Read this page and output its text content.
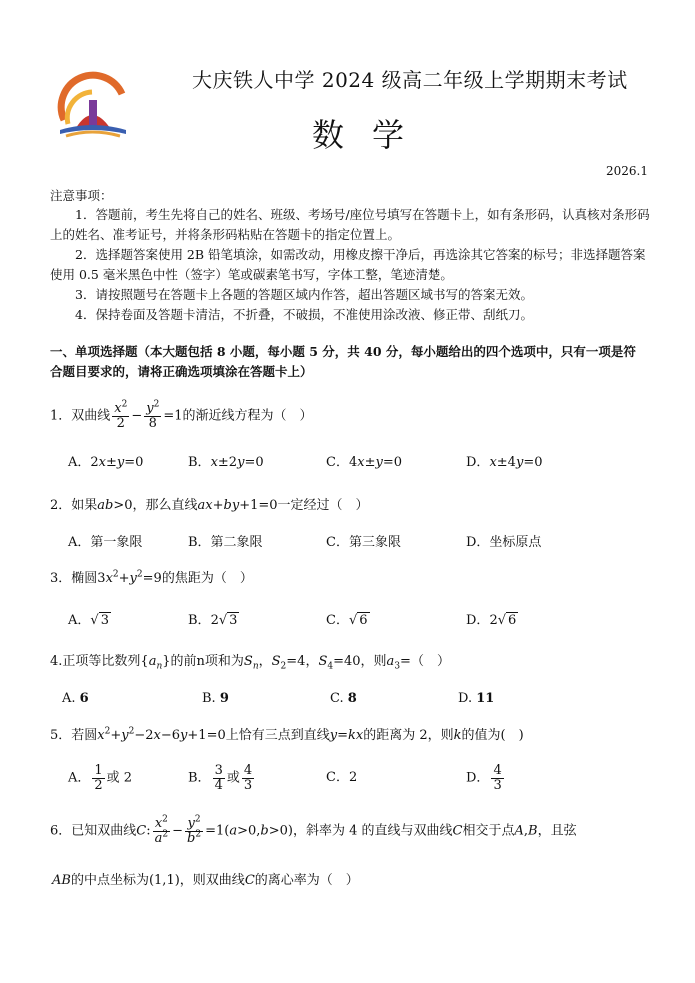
大庆铁人中学 2024 级高二年级上学期期末考试
数学
2026.1
注意事项：
1．答题前，考生先将自己的姓名、班级、考场号/座位号填写在答题卡上，如有条形码，认真核对条形码上的姓名、准考证号，并将条形码粘贴在答题卡的指定位置上。
2．选择题答案使用 2B 铅笔填涂，如需改动，用橡皮擦干净后，再选涂其它答案的标号；非选择题答案使用 0.5 毫米黑色中性（签字）笔或碳素笔书写，字体工整，笔迹清楚。
3．请按照题号在答题卡上各题的答题区域内作答，超出答题区域书写的答案无效。
4．保持卷面及答题卡清洁，不折叠，不破损，不准使用涂改液、修正带、刮纸刀。
一、单项选择题（本大题包括 8 小题，每小题 5 分，共 40 分，每小题给出的四个选项中，只有一项是符合题目要求的，请将正确选项填涂在答题卡上）
1．双曲线 $\frac{x^2}{2} - \frac{y^2}{8} =1$的渐近线方程为（　）
A．2x±y=0	B．x±2y=0	C．4x±y=0	D．x±4y=0
2．如果ab>0，那么直线ax+by+1=0一定经过（　）
A．第一象限	B．第二象限	C．第三象限	D．坐标原点
3．椭圆$3x^2+y^2=9$的焦距为（　）
A．√ 3	B．2√ 3	C．√ 6	D．2√ 6
4.正项等比数列$\{a_n\}$的前n项和为$S_n$，$S_2=4$，$S_4=40$，则$a_3=$（　）
A. 6	B. 9	C. 8	D. 11
5．若圆$x^2+y^2-2x-6y+1=0$上恰有三点到直线y=kx的距离为 2，则k的值为(　)
A． $\frac{1}{2}$ 或 2	B． $\frac{3}{4}$ 或 $\frac{4}{3}$	C．2	D． $\frac{4}{3}$
6．已知双曲线C: $\frac{x^2}{a^2} - \frac{y^2}{b^2} =1(a>0,b>0)$，斜率为 4 的直线与双曲线C相交于点A,B，且弦
AB的中点坐标为(1,1)，则双曲线C的离心率为（　）
